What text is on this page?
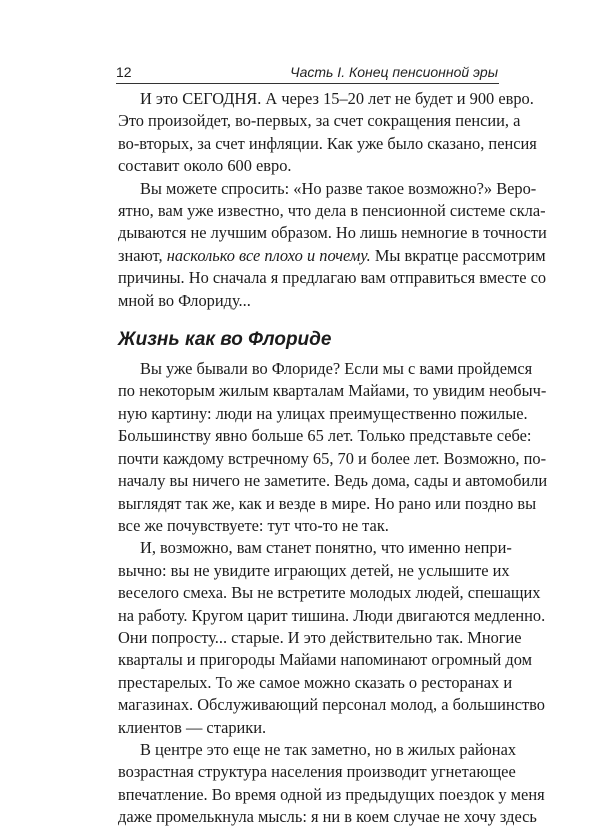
12	Часть I. Конец пенсионной эры
И это СЕГОДНЯ. А через 15–20 лет не будет и 900 евро.
Это произойдет, во-первых, за счет сокращения пенсии, а
во-вторых, за счет инфляции. Как уже было сказано, пенсия
составит около 600 евро.
Вы можете спросить: «Но разве такое возможно?» Веро-
ятно, вам уже известно, что дела в пенсионной системе скла-
дываются не лучшим образом. Но лишь немногие в точности
знают, насколько все плохо и почему. Мы вкратце рассмотрим
причины. Но сначала я предлагаю вам отправиться вместе со
мной во Флориду...
Жизнь как во Флориде
Вы уже бывали во Флориде? Если мы с вами пройдемся
по некоторым жилым кварталам Майами, то увидим необыч-
ную картину: люди на улицах преимущественно пожилые.
Большинству явно больше 65 лет. Только представьте себе:
почти каждому встречному 65, 70 и более лет. Возможно, по-
началу вы ничего не заметите. Ведь дома, сады и автомобили
выглядят так же, как и везде в мире. Но рано или поздно вы
все же почувствуете: тут что-то не так.
И, возможно, вам станет понятно, что именно непри-
вычно: вы не увидите играющих детей, не услышите их
веселого смеха. Вы не встретите молодых людей, спешащих
на работу. Кругом царит тишина. Люди двигаются медленно.
Они попросту... старые. И это действительно так. Многие
кварталы и пригороды Майами напоминают огромный дом
престарелых. То же самое можно сказать о ресторанах и
магазинах. Обслуживающий персонал молод, а большинство
клиентов — старики.
В центре это еще не так заметно, но в жилых районах
возрастная структура населения производит угнетающее
впечатление. Во время одной из предыдущих поездок у меня
даже промелькнула мысль: я ни в коем случае не хочу здесь
